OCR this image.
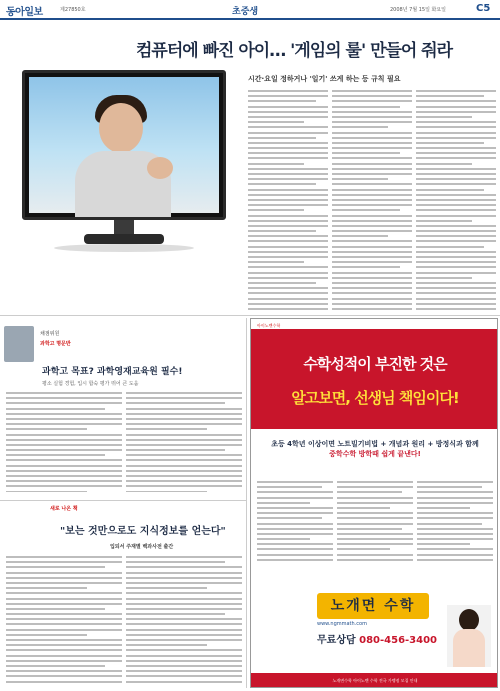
동아일보	제27850호	초중생	2008년 7월 15일 화요일	C5
컴퓨터에 빠진 아이… '게임의 룰' 만들어 줘라
시간·요일 정하거나 '일기' 쓰게 하는 등 규칙 필요
채점위원
과학고 명문반
과학고 목표? 과학영재교육원 필수!
평소 실험 경험, 입시 합숙 평가 뛰어 큰 도움
새로 나온 책
"보는 것만으로도 지식정보를 얻는다"
입되서 주재별 백과사전 출간
아이노멘수학
수학성적이 부진한 것은
알고보면, 선생님 책임이다!
초등 4학년 이상이면 노트빌기비법 + 개념과 원리 + 방정식과 함께
중학수학 방학때 쉽게 끝낸다!
노개면 수학
www.ngmmath.com
무료상담 080-456-3400
노개면수학 아이노멘 수학 전국 가맹점 모집 안내
